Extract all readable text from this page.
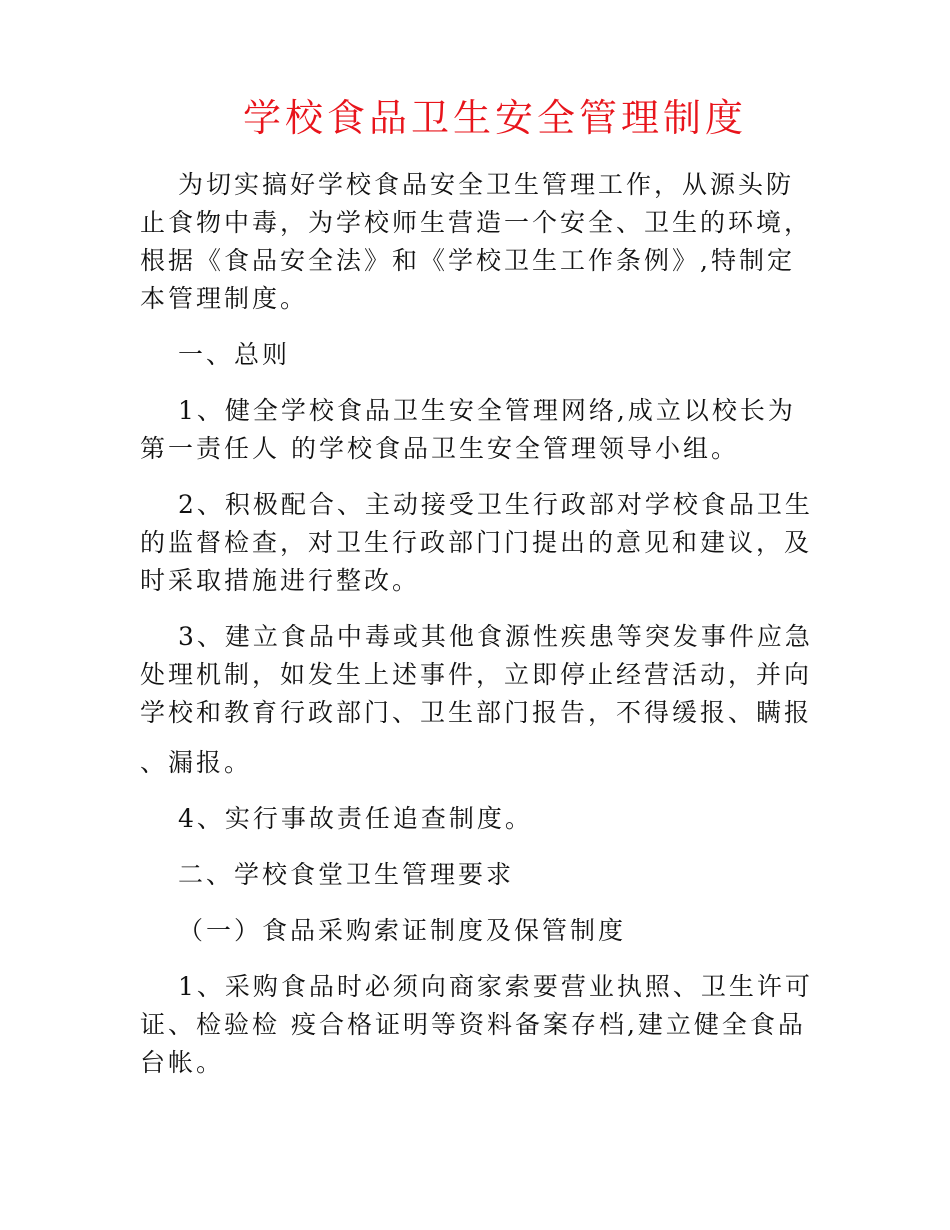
学校食品卫生安全管理制度

为切实搞好学校食品安全卫生管理工作，从源头防
止食物中毒，为学校师生营造一个安全、卫生的环境，
根据《食品安全法》和《学校卫生工作条例》,特制定
本管理制度。

一、总则

1、健全学校食品卫生安全管理网络,成立以校长为
第一责任人 的学校食品卫生安全管理领导小组。

2、积极配合、主动接受卫生行政部对学校食品卫生
的监督检查，对卫生行政部门门提出的意见和建议，及
时采取措施进行整改。

3、建立食品中毒或其他食源性疾患等突发事件应急
处理机制，如发生上述事件，立即停止经营活动，并向
学校和教育行政部门、卫生部门报告，不得缓报、瞒报
、漏报。

4、实行事故责任追查制度。

二、学校食堂卫生管理要求

（一）食品采购索证制度及保管制度

1、采购食品时必须向商家索要营业执照、卫生许可
证、检验检 疫合格证明等资料备案存档,建立健全食品
台帐。
